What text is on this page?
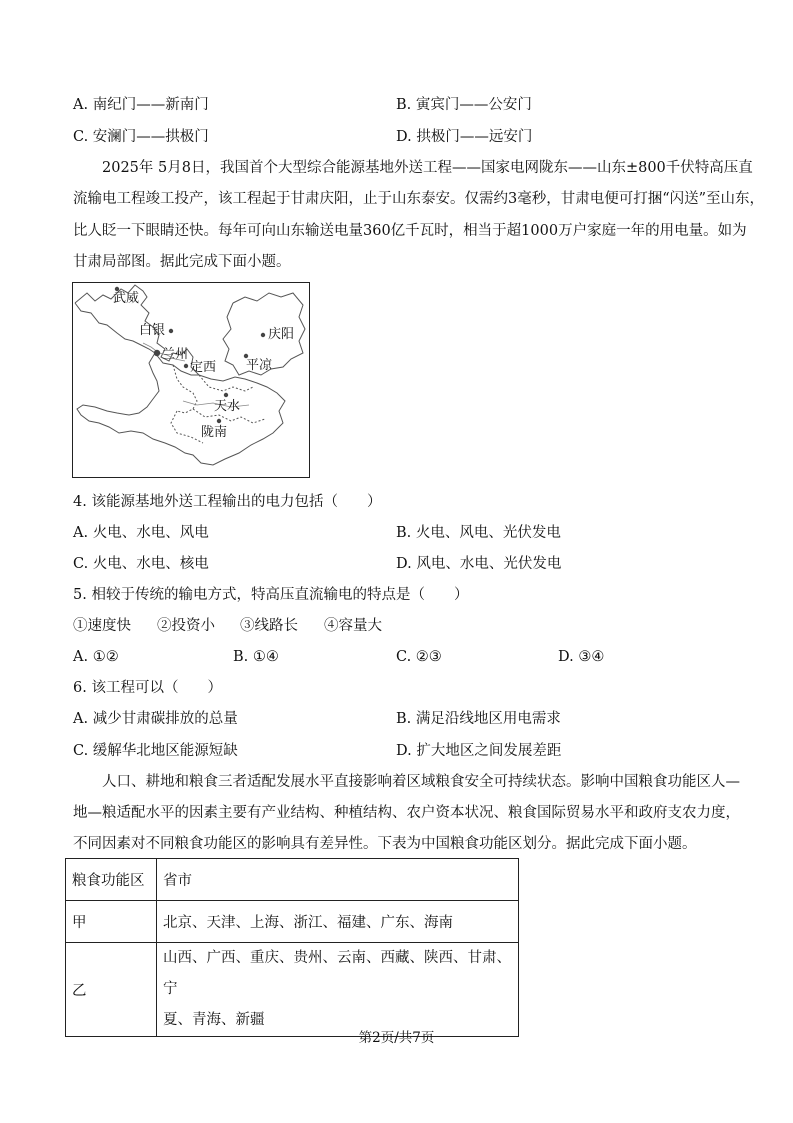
A. 南纪门——新南门	B. 寅宾门——公安门
C. 安澜门——拱极门	D. 拱极门——远安门
2025年 5月8日，我国首个大型综合能源基地外送工程——国家电网陇东——山东±800千伏特高压直
流输电工程竣工投产，该工程起于甘肃庆阳，止于山东泰安。仅需约3毫秒，甘肃电便可打捆“闪送”至山东，
比人眨一下眼睛还快。每年可向山东输送电量360亿千瓦时，相当于超1000万户家庭一年的用电量。如为
甘肃局部图。据此完成下面小题。
武威
白银
兰州
定西
庆阳
平凉
天水
陇南
4. 该能源基地外送工程输出的电力包括（　　）
A. 火电、水电、风电	B. 火电、风电、光伏发电
C. 火电、水电、核电	D. 风电、水电、光伏发电
5. 相较于传统的输电方式，特高压直流输电的特点是（　　）
①速度快 ②投资小 ③线路长 ④容量大
A. ①②	B. ①④	C. ②③	D. ③④
6. 该工程可以（　　）
A. 减少甘肃碳排放的总量	B. 满足沿线地区用电需求
C. 缓解华北地区能源短缺	D. 扩大地区之间发展差距
人口、耕地和粮食三者适配发展水平直接影响着区域粮食安全可持续状态。影响中国粮食功能区人—
地—粮适配水平的因素主要有产业结构、种植结构、农户资本状况、粮食国际贸易水平和政府支农力度，
不同因素对不同粮食功能区的影响具有差异性。下表为中国粮食功能区划分。据此完成下面小题。
粮食功能区	省市
甲	北京、天津、上海、浙江、福建、广东、海南

乙	山西、广西、重庆、贵州、云南、西藏、陕西、甘肃、宁
夏、青海、新疆
第2页/共7页
